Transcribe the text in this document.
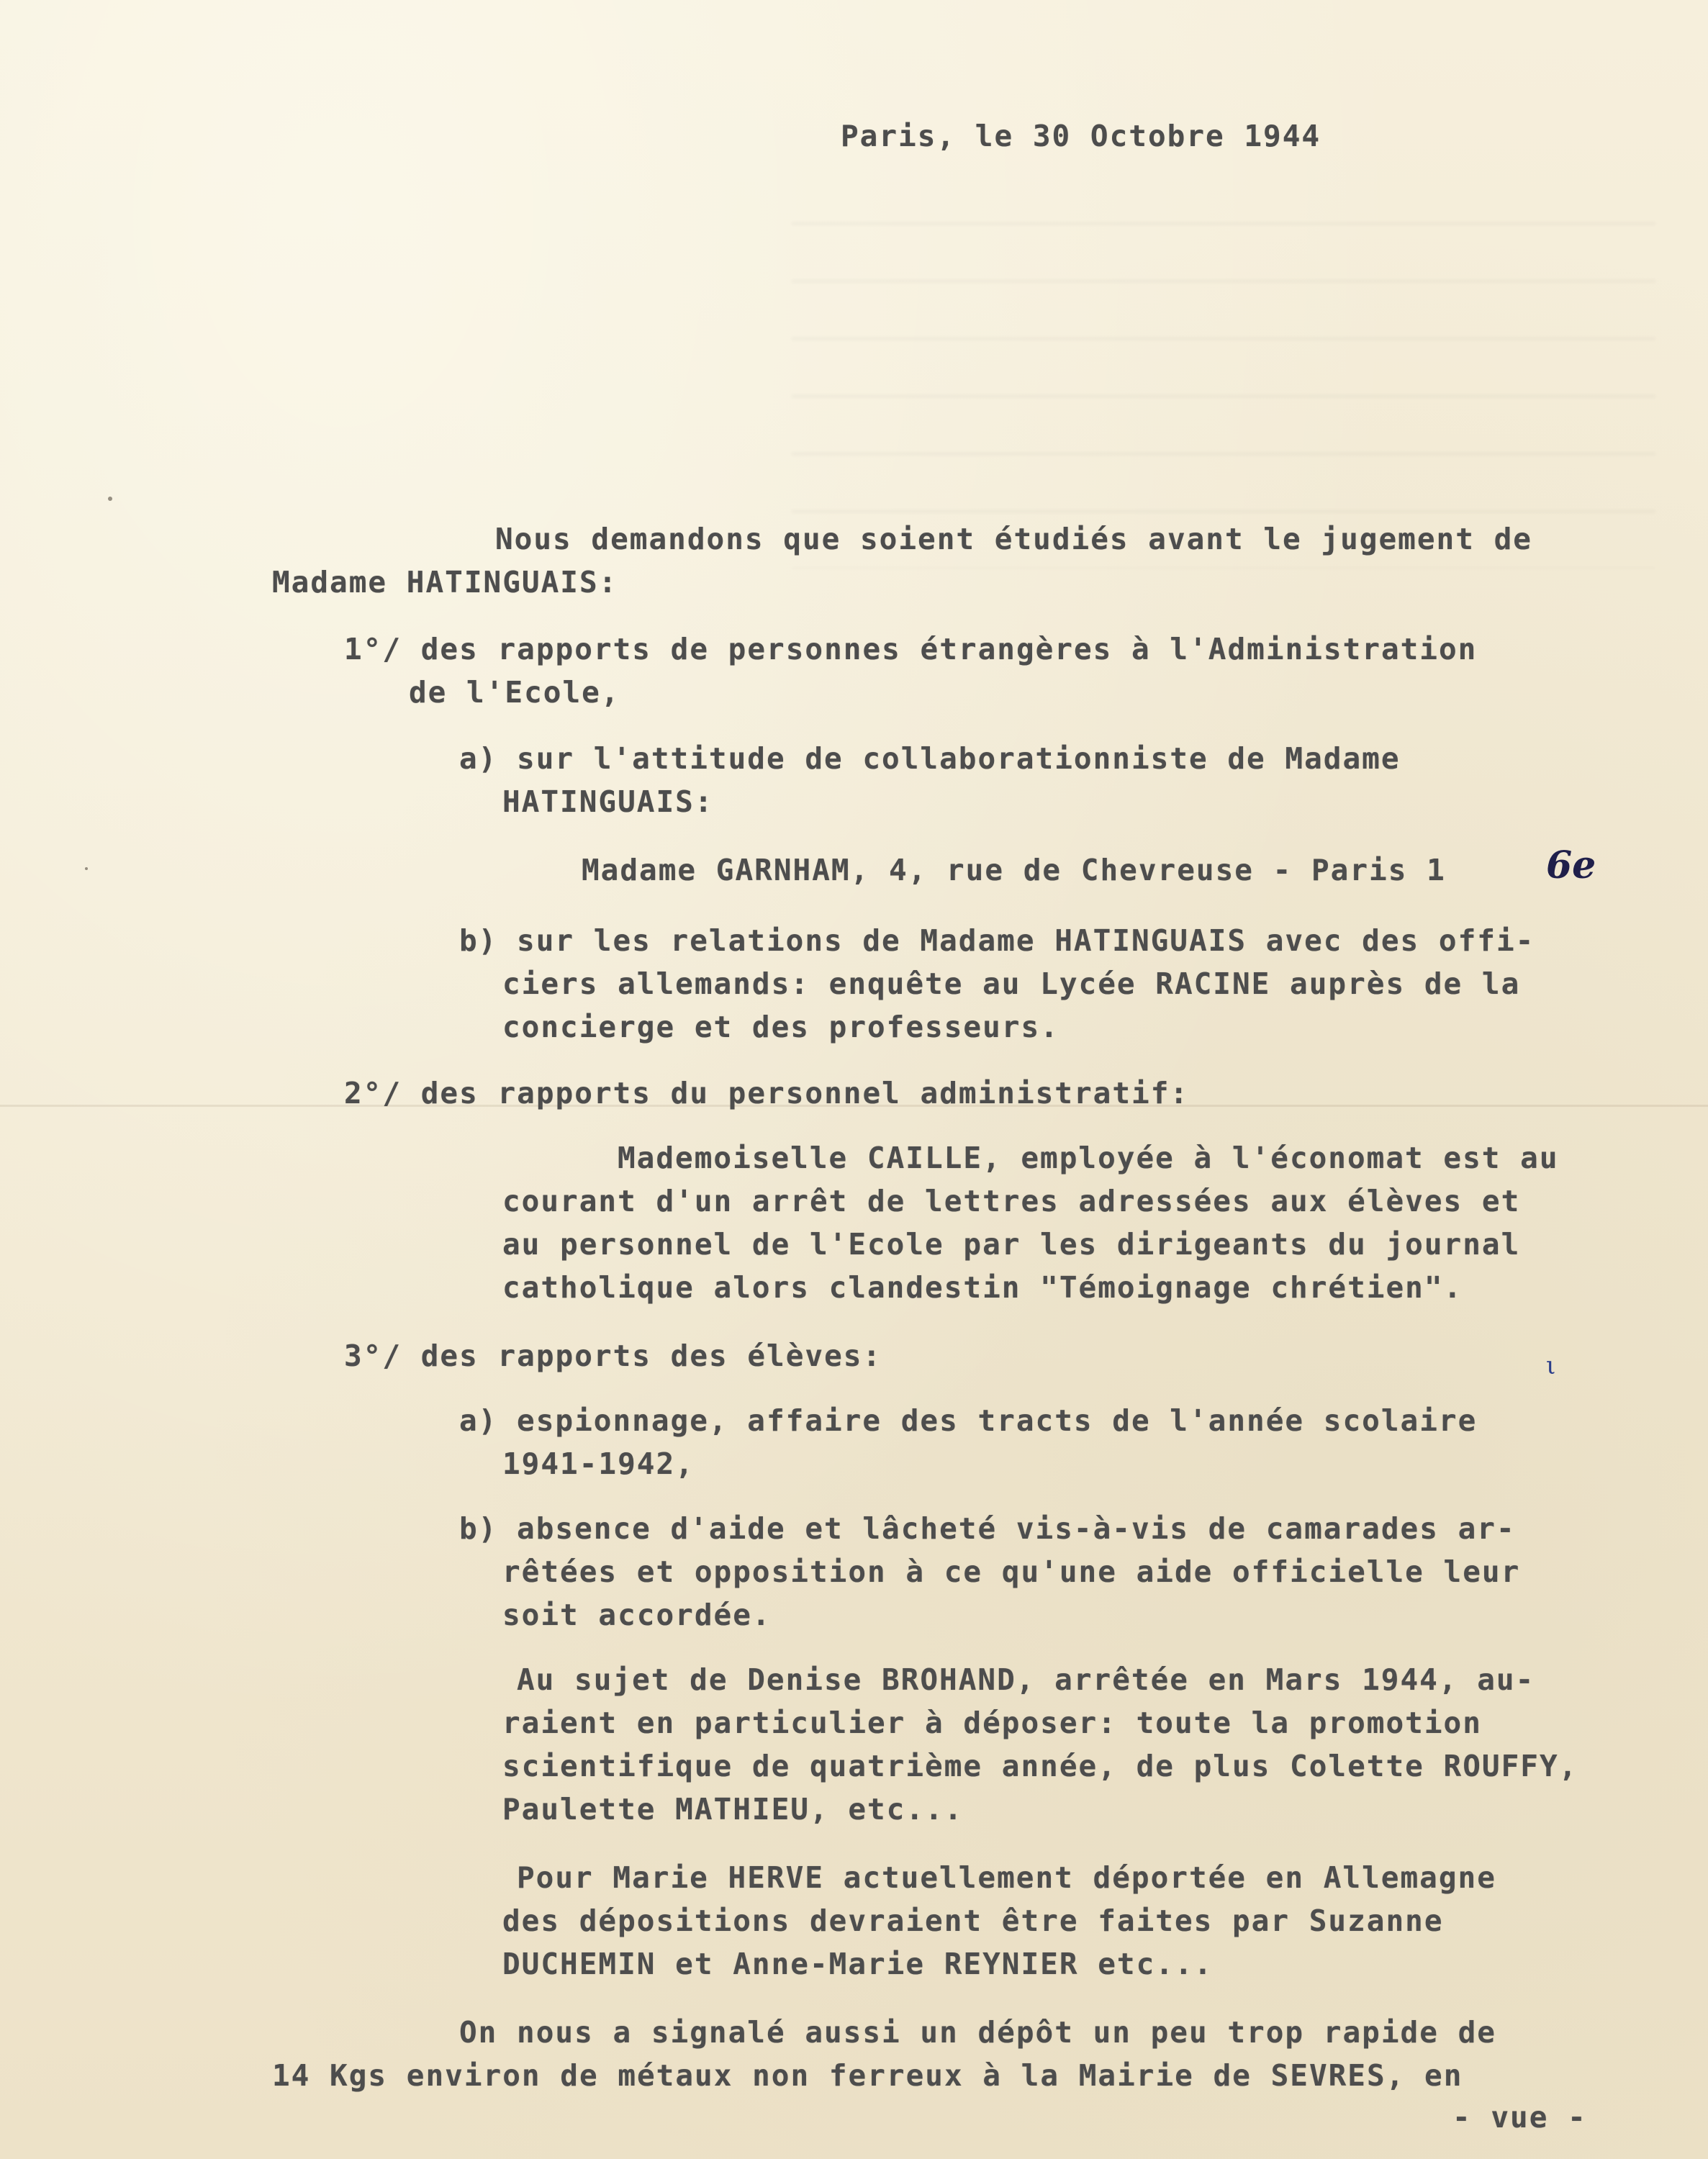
Paris, le 30 Octobre 1944

Nous demandons que soient étudiés avant le jugement de

Madame HATINGUAIS:

1°/ des rapports de personnes étrangères à l'Administration

de l'Ecole,

a) sur l'attitude de collaborationniste de Madame

HATINGUAIS:

Madame GARNHAM, 4, rue de Chevreuse - Paris 1	6e

b) sur les relations de Madame HATINGUAIS avec des offi-

ciers allemands: enquête au Lycée RACINE auprès de la

concierge et des professeurs.

2°/ des rapports du personnel administratif:

Mademoiselle CAILLE, employée à l'économat est au

courant d'un arrêt de lettres adressées aux élèves et

au personnel de l'Ecole par les dirigeants du journal

catholique alors clandestin "Témoignage chrétien".

3°/ des rapports des élèves:	ι

a) espionnage, affaire des tracts de l'année scolaire

1941-1942,

b) absence d'aide et lâcheté vis-à-vis de camarades ar-

rêtées et opposition à ce qu'une aide officielle leur

soit accordée.

Au sujet de Denise BROHAND, arrêtée en Mars 1944, au-

raient en particulier à déposer: toute la promotion

scientifique de quatrième année, de plus Colette ROUFFY,

Paulette MATHIEU, etc...

Pour Marie HERVE actuellement déportée en Allemagne

des dépositions devraient être faites par Suzanne

DUCHEMIN et Anne-Marie REYNIER etc...

On nous a signalé aussi un dépôt un peu trop rapide de

14 Kgs environ de métaux non ferreux à la Mairie de SEVRES, en

- vue -
